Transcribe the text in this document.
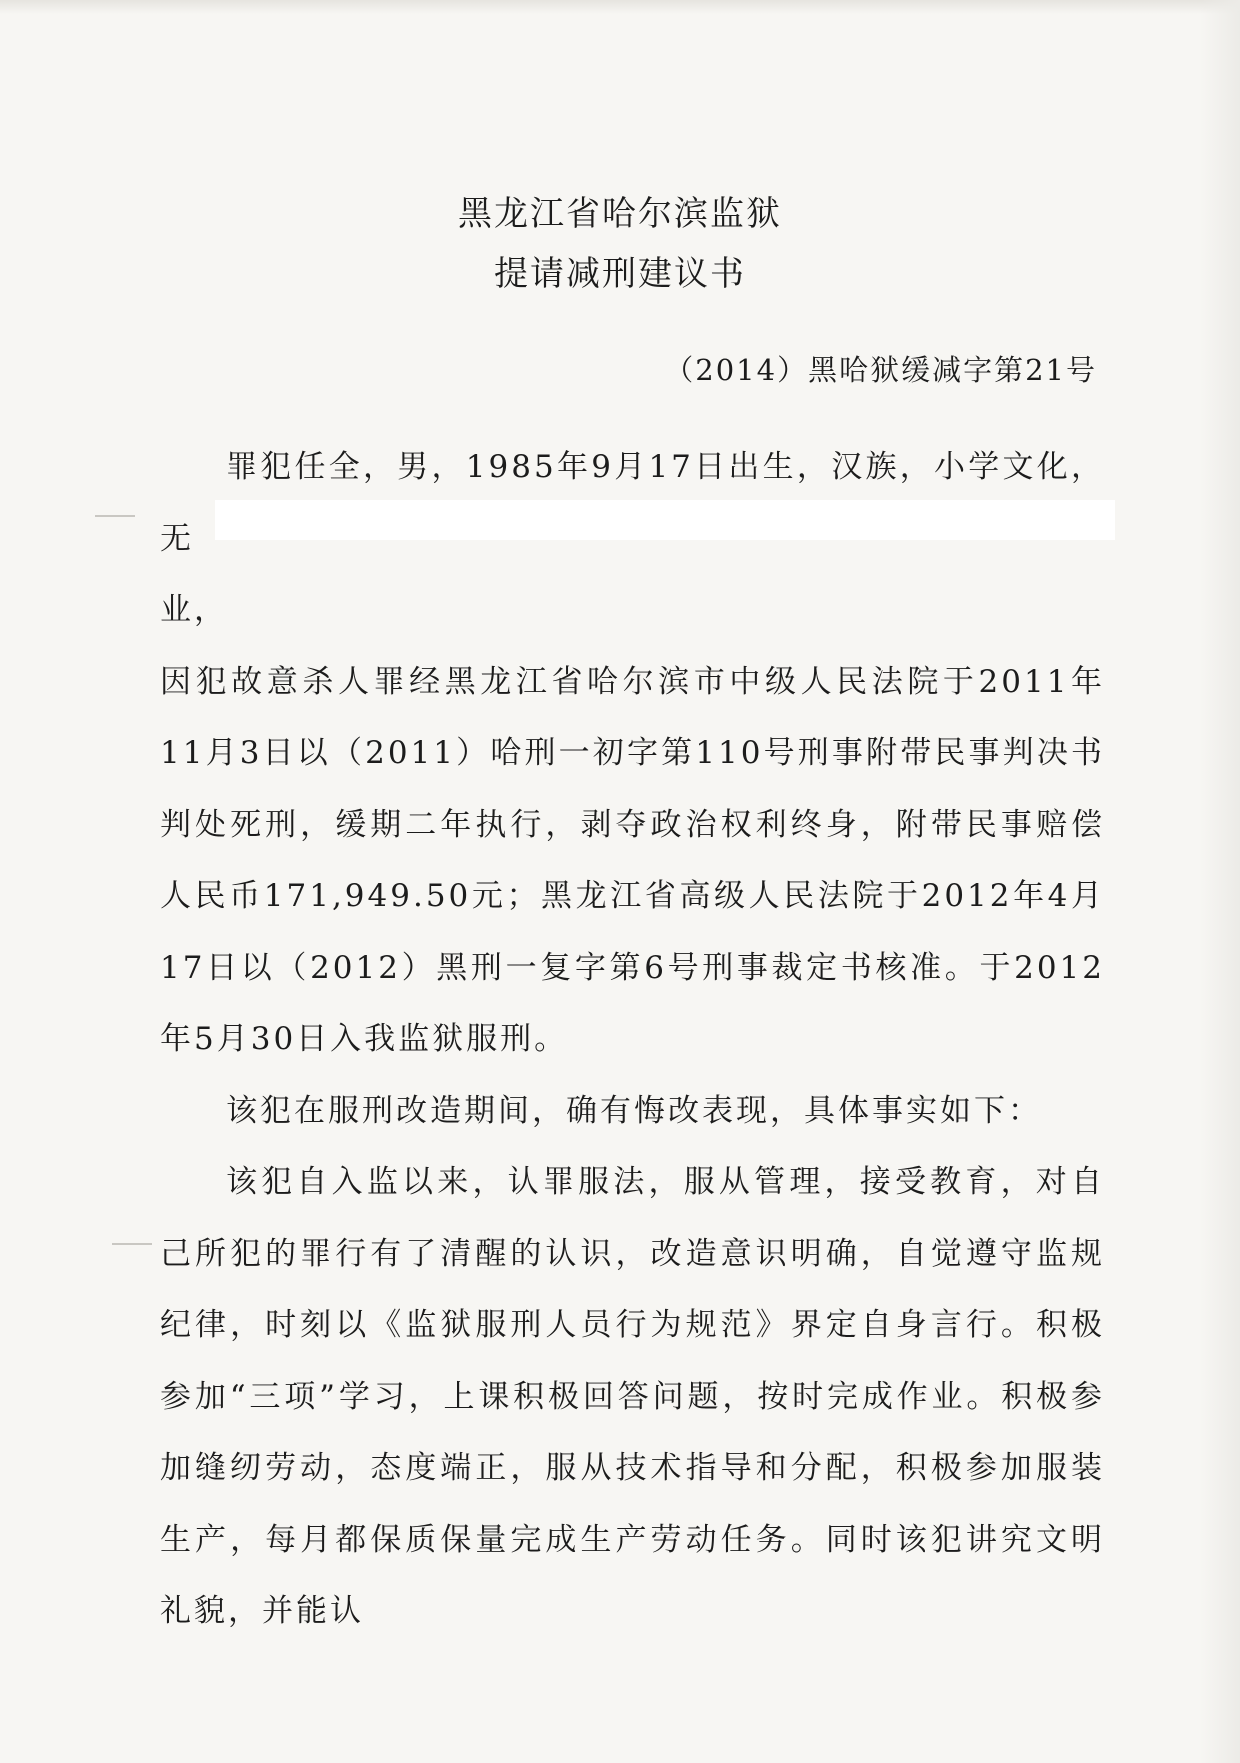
黑龙江省哈尔滨监狱
提请减刑建议书
（2014）黑哈狱缓减字第21号

罪犯任全，男，1985年9月17日出生，汉族，小学文化，无

业，

因犯故意杀人罪经黑龙江省哈尔滨市中级人民法院于2011年11月3日以（2011）哈刑一初字第110号刑事附带民事判决书判处死刑，缓期二年执行，剥夺政治权利终身，附带民事赔偿人民币171,949.50元；黑龙江省高级人民法院于2012年4月17日以（2012）黑刑一复字第6号刑事裁定书核准。于2012年5月30日入我监狱服刑。

该犯在服刑改造期间，确有悔改表现，具体事实如下：

该犯自入监以来，认罪服法，服从管理，接受教育，对自己所犯的罪行有了清醒的认识，改造意识明确，自觉遵守监规纪律，时刻以《监狱服刑人员行为规范》界定自身言行。积极参加“三项”学习，上课积极回答问题，按时完成作业。积极参加缝纫劳动，态度端正，服从技术指导和分配，积极参加服装生产，每月都保质保量完成生产劳动任务。同时该犯讲究文明礼貌，并能认
